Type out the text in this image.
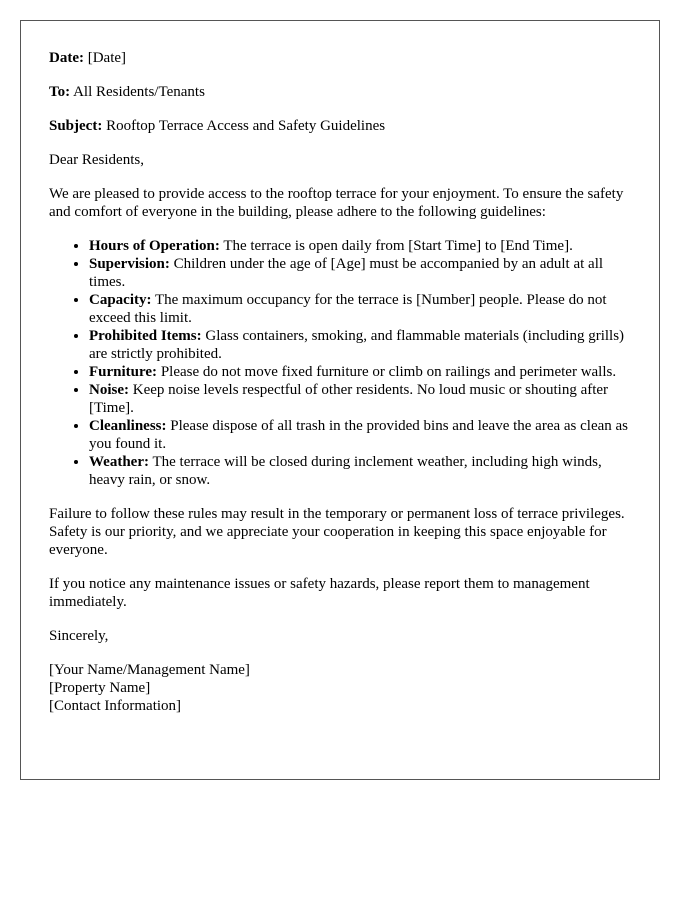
Date: [Date]

To: All Residents/Tenants

Subject: Rooftop Terrace Access and Safety Guidelines

Dear Residents,

We are pleased to provide access to the rooftop terrace for your enjoyment. To ensure the safety and comfort of everyone in the building, please adhere to the following guidelines:

• Hours of Operation: The terrace is open daily from [Start Time] to [End Time].
• Supervision: Children under the age of [Age] must be accompanied by an adult at all times.
• Capacity: The maximum occupancy for the terrace is [Number] people. Please do not exceed this limit.
• Prohibited Items: Glass containers, smoking, and flammable materials (including grills) are strictly prohibited.
• Furniture: Please do not move fixed furniture or climb on railings and perimeter walls.
• Noise: Keep noise levels respectful of other residents. No loud music or shouting after [Time].
• Cleanliness: Please dispose of all trash in the provided bins and leave the area as clean as you found it.
• Weather: The terrace will be closed during inclement weather, including high winds, heavy rain, or snow.

Failure to follow these rules may result in the temporary or permanent loss of terrace privileges. Safety is our priority, and we appreciate your cooperation in keeping this space enjoyable for everyone.

If you notice any maintenance issues or safety hazards, please report them to management immediately.

Sincerely,

[Your Name/Management Name]
[Property Name]
[Contact Information]
